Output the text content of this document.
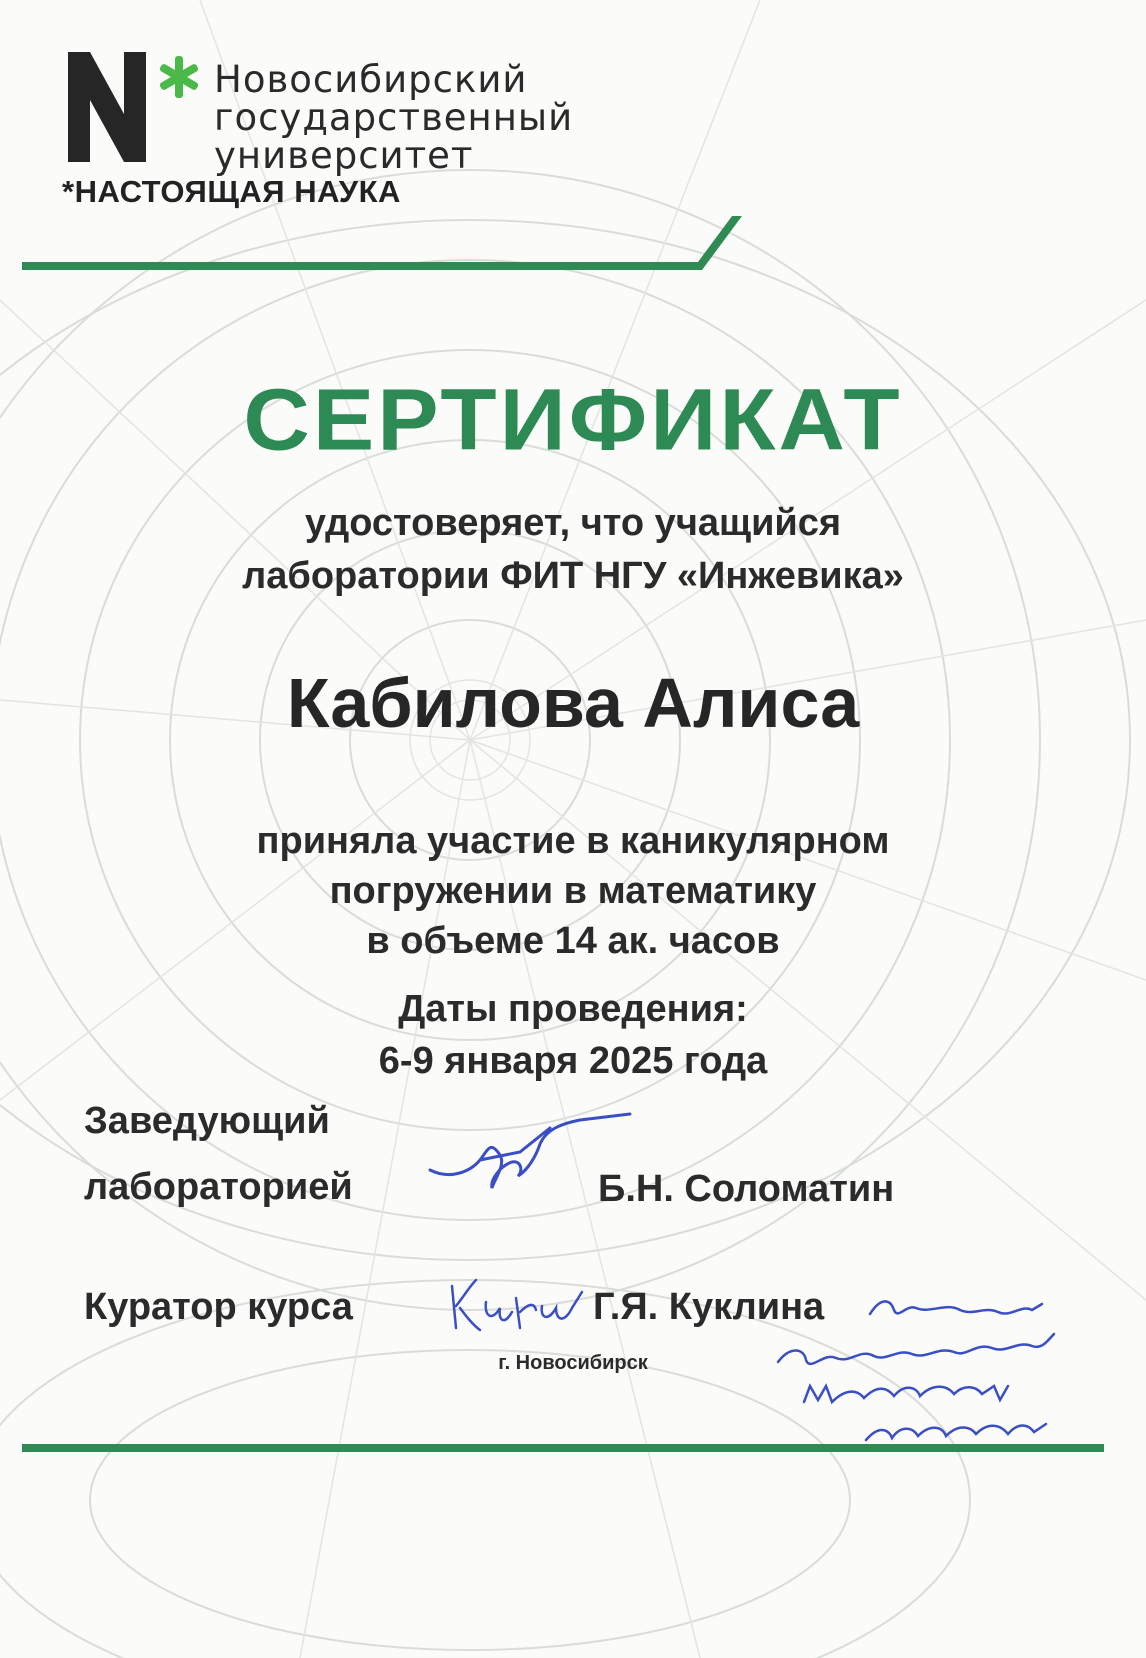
Новосибирский
государственный
университет
*НАСТОЯЩАЯ НАУКА
СЕРТИФИКАТ
удостоверяет, что учащийся
лаборатории ФИТ НГУ «Инжевика»
Кабилова Алиса
приняла участие в каникулярном
погружении в математику
в объеме 14 ак. часов
Даты проведения:
6-9 января 2025 года
Заведующий
лабораторией	Б.Н. Соломатин
Куратор курса	Г.Я. Куклина
г. Новосибирск
